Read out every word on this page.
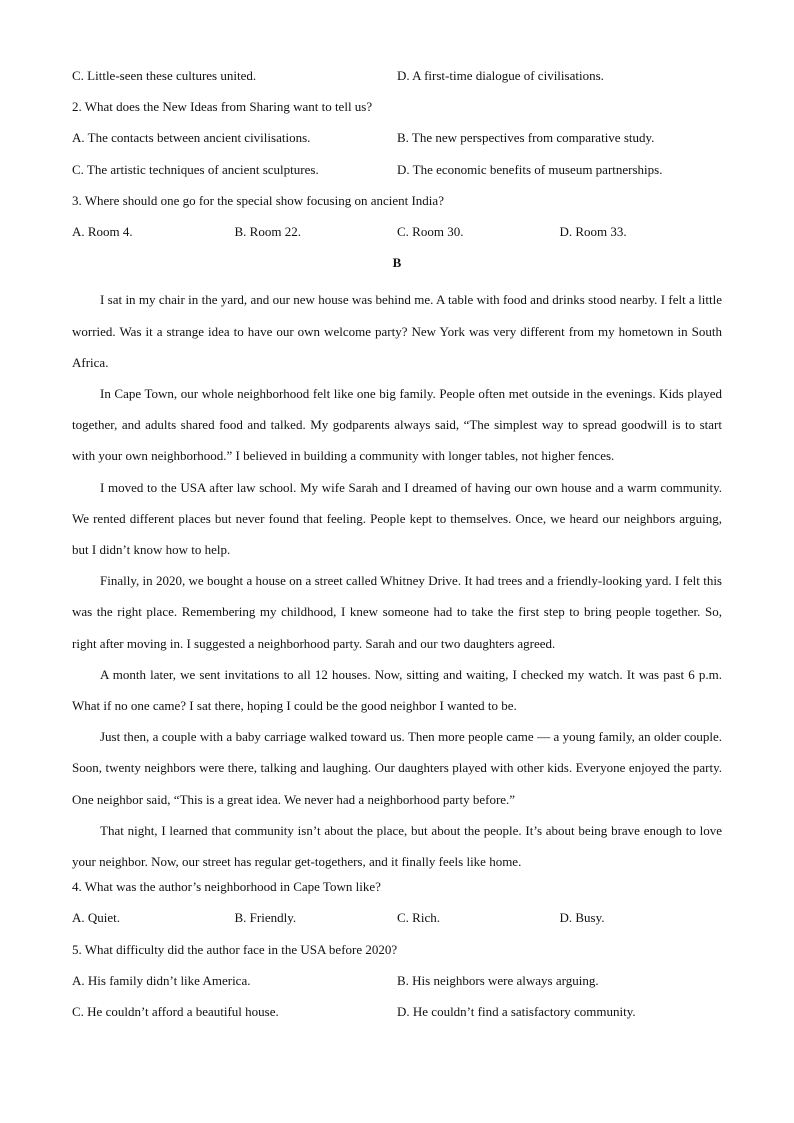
C. Little-seen these cultures united.	D. A first-time dialogue of civilisations.
2. What does the New Ideas from Sharing want to tell us?
A. The contacts between ancient civilisations.	B. The new perspectives from comparative study.
C. The artistic techniques of ancient sculptures.	D. The economic benefits of museum partnerships.
3. Where should one go for the special show focusing on ancient India?
A. Room 4.	B. Room 22.	C. Room 30.	D. Room 33.
B

I sat in my chair in the yard, and our new house was behind me. A table with food and drinks stood nearby. I felt a little worried. Was it a strange idea to have our own welcome party? New York was very different from my hometown in South Africa.

In Cape Town, our whole neighborhood felt like one big family. People often met outside in the evenings. Kids played together, and adults shared food and talked. My godparents always said, “The simplest way to spread goodwill is to start with your own neighborhood.” I believed in building a community with longer tables, not higher fences.

I moved to the USA after law school. My wife Sarah and I dreamed of having our own house and a warm community. We rented different places but never found that feeling. People kept to themselves. Once, we heard our neighbors arguing, but I didn’t know how to help.

Finally, in 2020, we bought a house on a street called Whitney Drive. It had trees and a friendly-looking yard. I felt this was the right place. Remembering my childhood, I knew someone had to take the first step to bring people together. So, right after moving in. I suggested a neighborhood party. Sarah and our two daughters agreed.

A month later, we sent invitations to all 12 houses. Now, sitting and waiting, I checked my watch. It was past 6 p.m. What if no one came? I sat there, hoping I could be the good neighbor I wanted to be.

Just then, a couple with a baby carriage walked toward us. Then more people came — a young family, an older couple. Soon, twenty neighbors were there, talking and laughing. Our daughters played with other kids. Everyone enjoyed the party. One neighbor said, “This is a great idea. We never had a neighborhood party before.”

That night, I learned that community isn’t about the place, but about the people. It’s about being brave enough to love your neighbor. Now, our street has regular get-togethers, and it finally feels like home.

4. What was the author’s neighborhood in Cape Town like?
A. Quiet.	B. Friendly.	C. Rich.	D. Busy.
5. What difficulty did the author face in the USA before 2020?
A. His family didn’t like America.	B. His neighbors were always arguing.
C. He couldn’t afford a beautiful house.	D. He couldn’t find a satisfactory community.
